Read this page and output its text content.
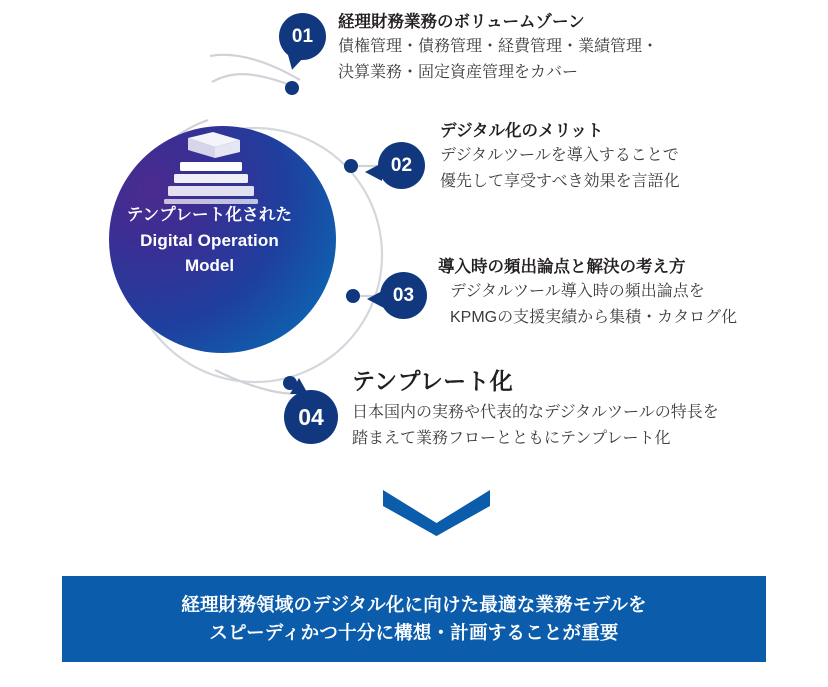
テンプレート化された
Digital Operation
Model
01

経理財務業務のボリュームゾーン

債権管理・債務管理・経費管理・業績管理・

決算業務・固定資産管理をカバー

02

デジタル化のメリット

デジタルツールを導入することで

優先して享受すべき効果を言語化

03

導入時の頻出論点と解決の考え方

デジタルツール導入時の頻出論点を

KPMGの支援実績から集積・カタログ化

04

テンプレート化

日本国内の実務や代表的なデジタルツールの特長を

踏まえて業務フローとともにテンプレート化

経理財務領域のデジタル化に向けた最適な業務モデルを
スピーディかつ十分に構想・計画することが重要
